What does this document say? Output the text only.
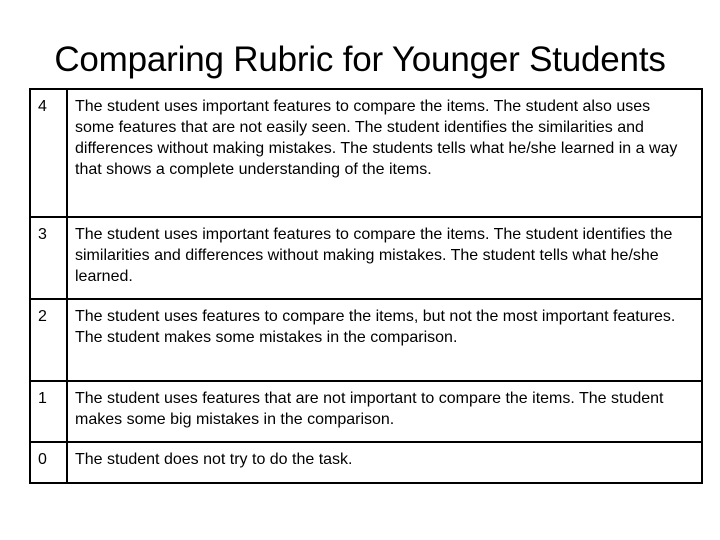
Comparing Rubric for Younger Students
4	The student uses important features to compare the items. The student also uses some features that are not easily seen. The student identifies the similarities and differences without making mistakes. The students tells what he/she learned in a way that shows a complete understanding of the items.
3	The student uses important features to compare the items. The student identifies the similarities and differences without making mistakes. The student tells what he/she learned.
2	The student uses features to compare the items, but not the most important features. The student makes some mistakes in the comparison.
1	The student uses features that are not important to compare the items. The student makes some big mistakes in the comparison.
0	The student does not try to do the task.
